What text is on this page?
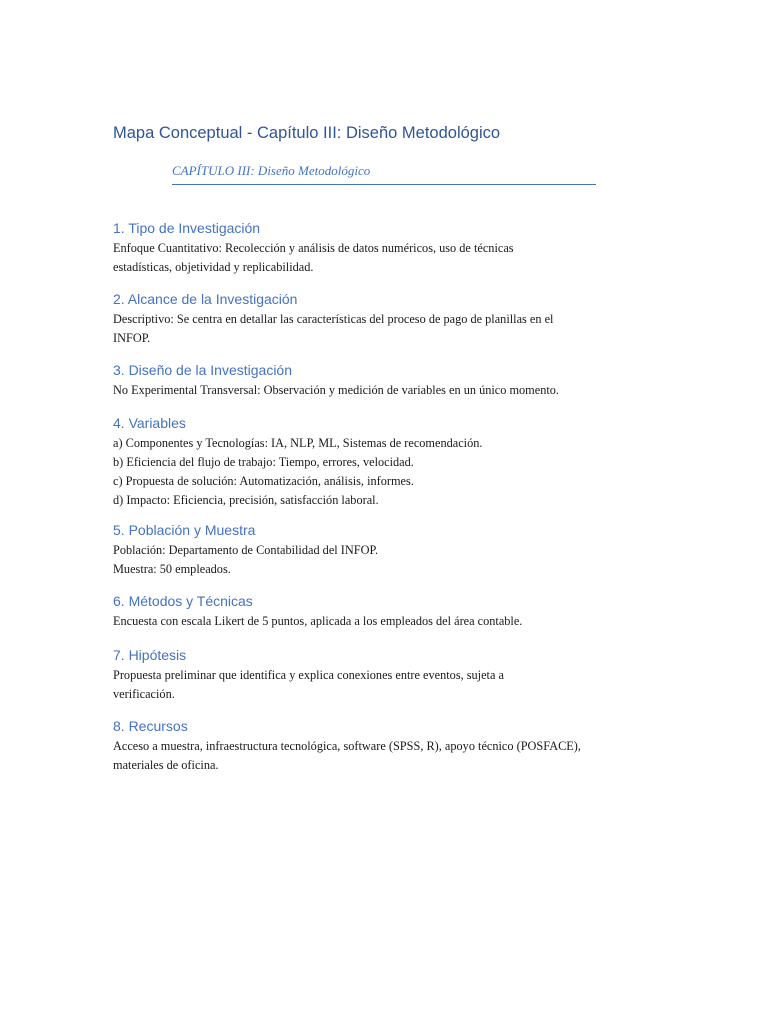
Mapa Conceptual - Capítulo III: Diseño Metodológico
CAPÍTULO III: Diseño Metodológico
1. Tipo de Investigación

Enfoque Cuantitativo: Recolección y análisis de datos numéricos, uso de técnicas

estadísticas, objetividad y replicabilidad.

2. Alcance de la Investigación

Descriptivo: Se centra en detallar las características del proceso de pago de planillas en el

INFOP.

3. Diseño de la Investigación

No Experimental Transversal: Observación y medición de variables en un único momento.

4. Variables

a) Componentes y Tecnologías: IA, NLP, ML, Sistemas de recomendación.

b) Eficiencia del flujo de trabajo: Tiempo, errores, velocidad.

c) Propuesta de solución: Automatización, análisis, informes.

d) Impacto: Eficiencia, precisión, satisfacción laboral.

5. Población y Muestra

Población: Departamento de Contabilidad del INFOP.

Muestra: 50 empleados.

6. Métodos y Técnicas

Encuesta con escala Likert de 5 puntos, aplicada a los empleados del área contable.

7. Hipótesis

Propuesta preliminar que identifica y explica conexiones entre eventos, sujeta a

verificación.

8. Recursos

Acceso a muestra, infraestructura tecnológica, software (SPSS, R), apoyo técnico (POSFACE),

materiales de oficina.
